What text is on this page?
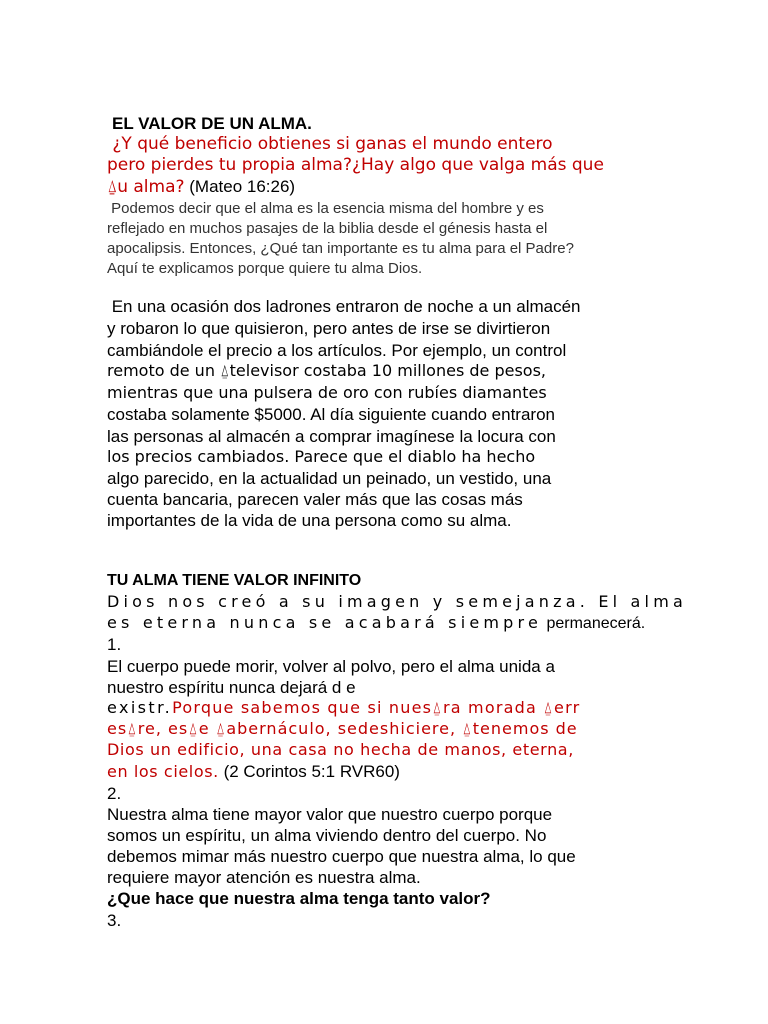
EL VALOR DE UN ALMA.
¿Y qué beneficio obtienes si ganas el mundo entero
pero pierdes tu propia alma?¿Hay algo que valga más que
⍙u alma? (Mateo 16:26)
Podemos decir que el alma es la esencia misma del hombre y es
reflejado en muchos pasajes de la biblia desde el génesis hasta el
apocalipsis. Entonces, ¿Qué tan importante es tu alma para el Padre?
Aquí te explicamos porque quiere tu alma Dios.
En una ocasión dos ladrones entraron de noche a un almacén
y robaron lo que quisieron, pero antes de irse se divirtieron
cambiándole el precio a los artículos. Por ejemplo, un control
remoto de un ⍙televisor costaba 10 millones de pesos,
mientras que una pulsera de oro con rubíes diamantes
costaba solamente $5000. Al día siguiente cuando entraron
las personas al almacén a comprar imagínese la locura con
los precios cambiados. Parece que el diablo ha hecho
algo parecido, en la actualidad un peinado, un vestido, una
cuenta bancaria, parecen valer más que las cosas más
importantes de la vida de una persona como su alma.
TU ALMA TIENE VALOR INFINITO
Dios nos creó a su imagen y semejanza. El alma
es eterna nunca se acabará siempre permanecerá.
1.
El cuerpo puede morir, volver al polvo, pero el alma unida a
nuestro espíritu nunca dejará d e
existr.Porque sabemos que si nues⍙ra morada ⍙err
es⍙re, es⍙e ⍙abernáculo, sedeshiciere, ⍙tenemos de
Dios un edificio, una casa no hecha de manos, eterna,
en los cielos. (2 Corintos 5:1 RVR60)
2.
Nuestra alma tiene mayor valor que nuestro cuerpo porque
somos un espíritu, un alma viviendo dentro del cuerpo. No
debemos mimar más nuestro cuerpo que nuestra alma, lo que
requiere mayor atención es nuestra alma.
¿Que hace que nuestra alma tenga tanto valor?
3.
